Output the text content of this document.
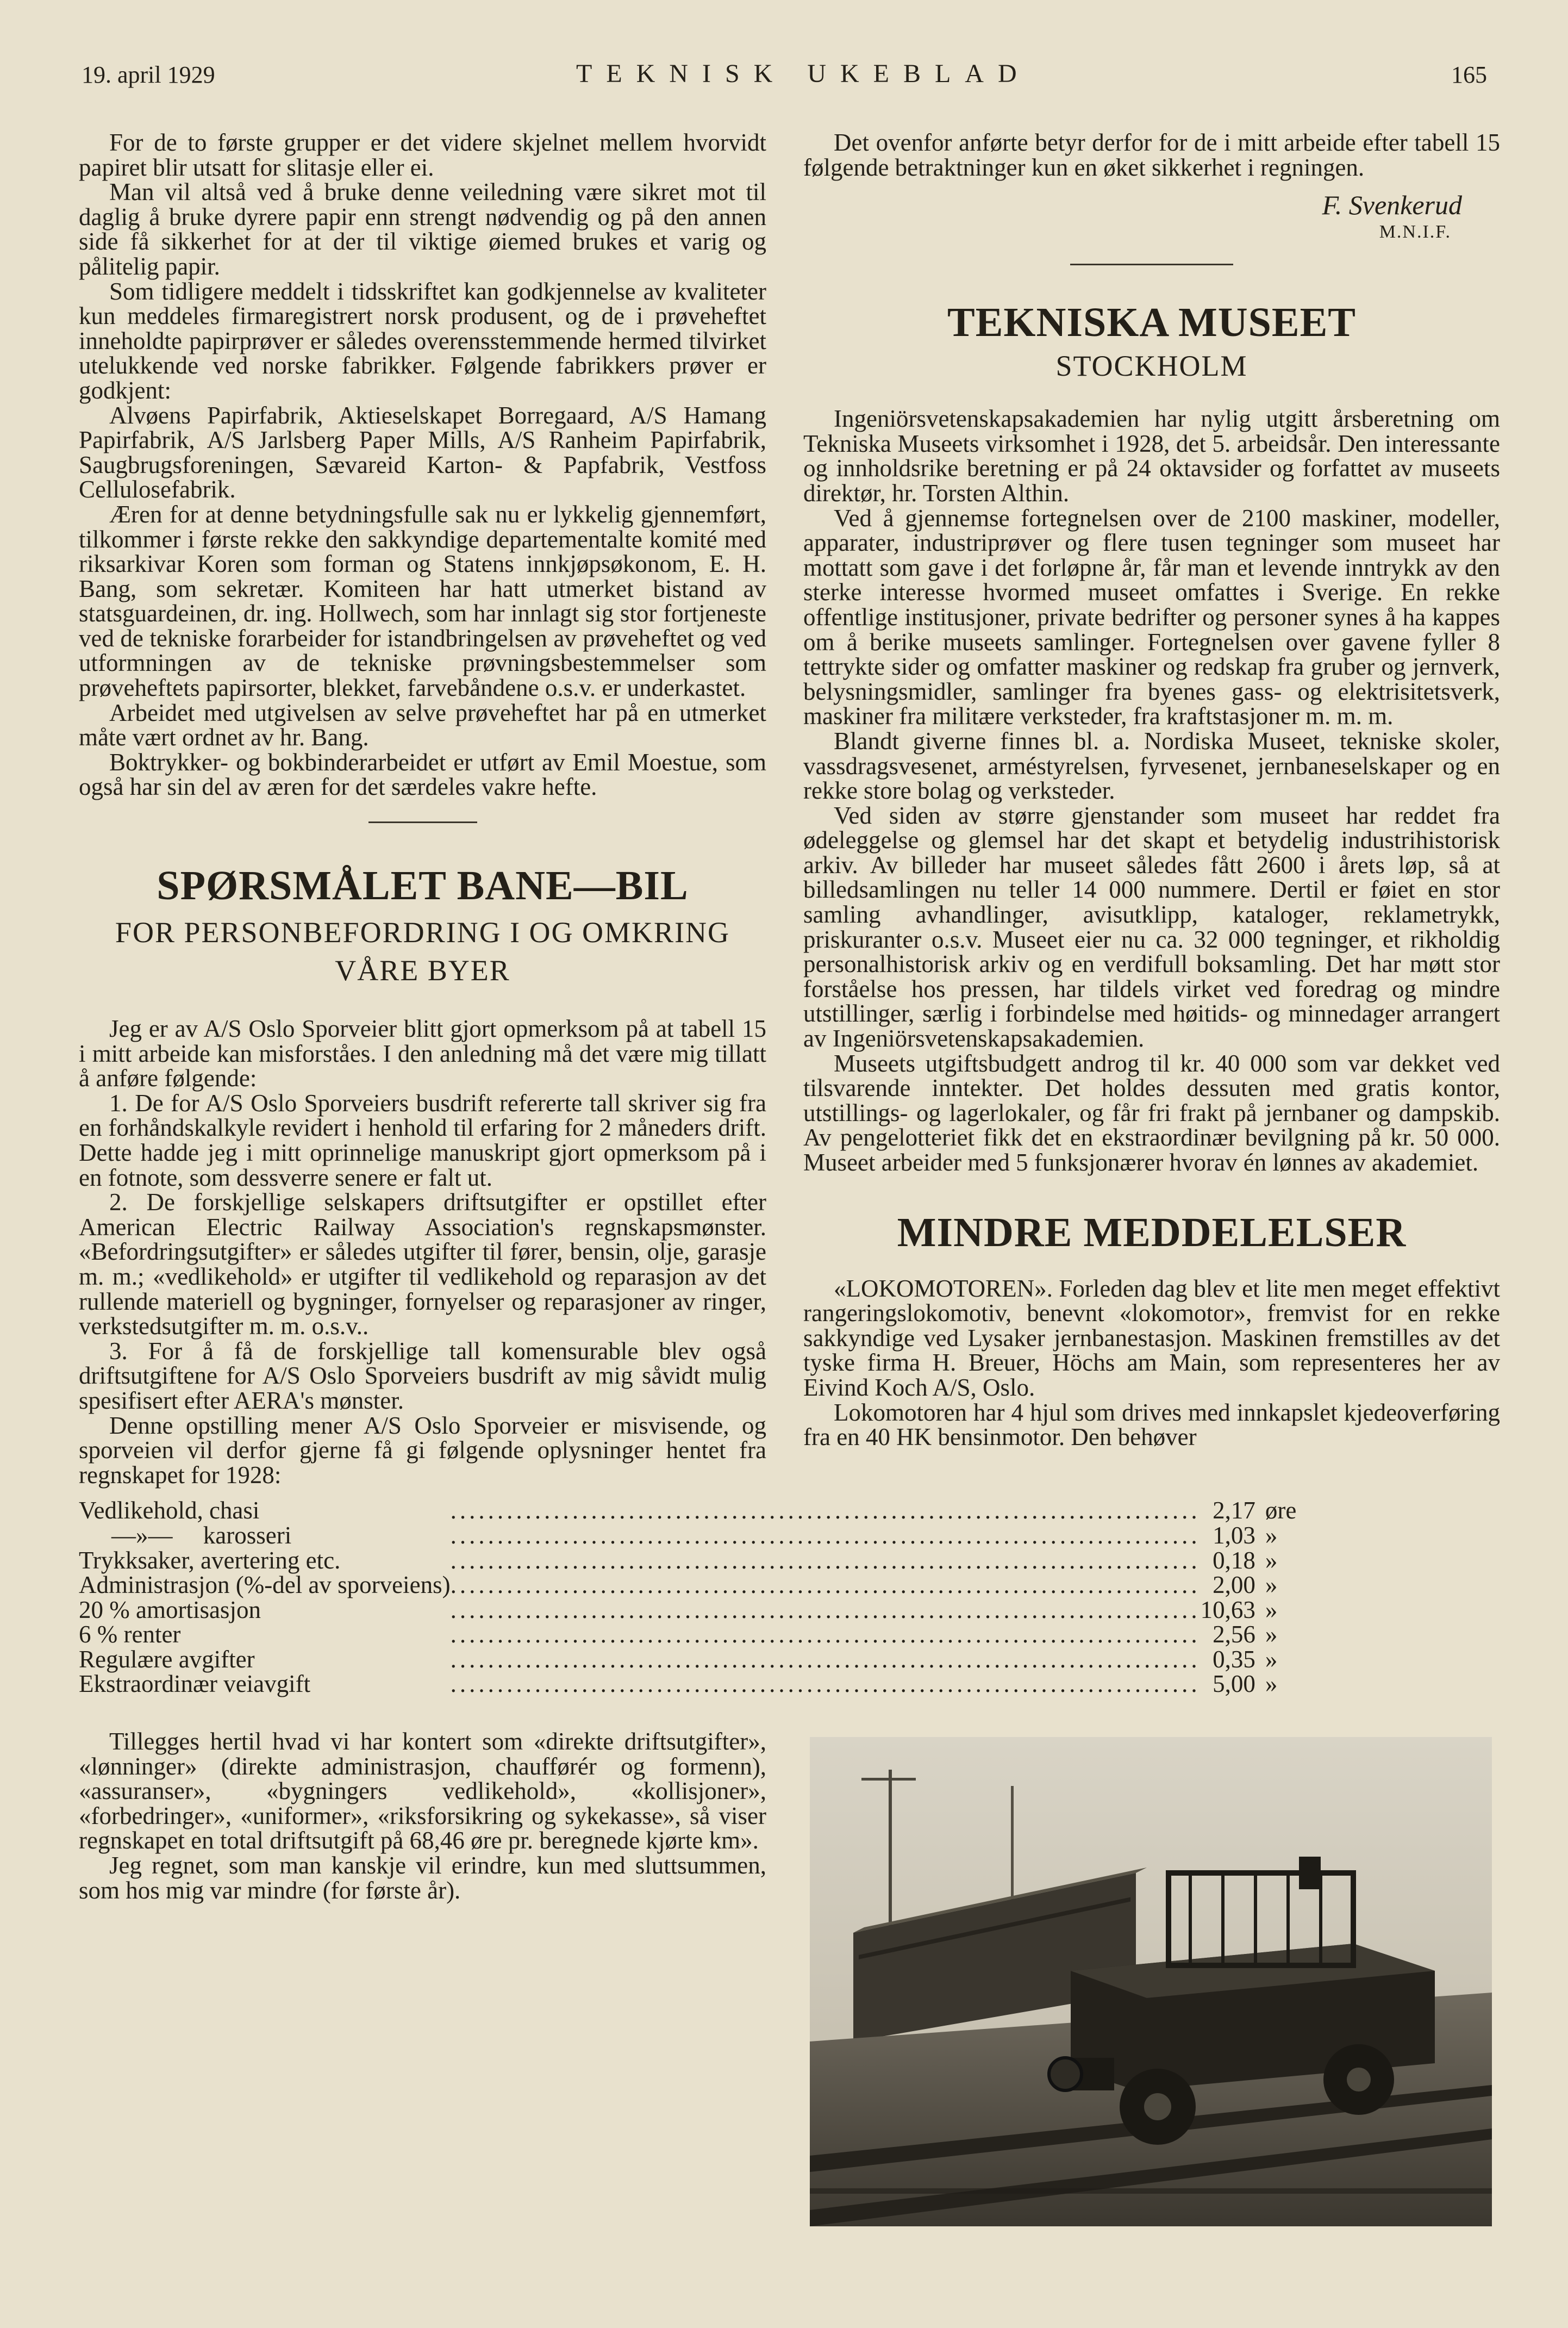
19. april 1929	TEKNISK UKEBLAD	165

For de to første grupper er det videre skjelnet mellem hvorvidt papiret blir utsatt for slitasje eller ei.

Man vil altså ved å bruke denne veiledning være sikret mot til daglig å bruke dyrere papir enn strengt nødvendig og på den annen side få sikkerhet for at der til viktige øiemed brukes et varig og pålitelig papir.

Som tidligere meddelt i tidsskriftet kan godkjennelse av kvaliteter kun meddeles firmaregistrert norsk produsent, og de i prøveheftet inneholdte papirprøver er således overensstemmende hermed tilvirket utelukkende ved norske fabrikker. Følgende fabrikkers prøver er godkjent:

Alvøens Papirfabrik, Aktieselskapet Borregaard, A/S Hamang Papirfabrik, A/S Jarlsberg Paper Mills, A/S Ranheim Papirfabrik, Saugbrugsforeningen, Sævareid Karton- & Papfabrik, Vestfoss Cellulosefabrik.

Æren for at denne betydningsfulle sak nu er lykkelig gjennemført, tilkommer i første rekke den sakkyndige departementalte komité med riksarkivar Koren som forman og Statens innkjøpsøkonom, E. H. Bang, som sekretær. Komiteen har hatt utmerket bistand av statsguardeinen, dr. ing. Hollwech, som har innlagt sig stor fortjeneste ved de tekniske forarbeider for istandbringelsen av prøveheftet og ved utformningen av de tekniske prøvningsbestemmelser som prøveheftets papirsorter, blekket, farvebåndene o.s.v. er underkastet.

Arbeidet med utgivelsen av selve prøveheftet har på en utmerket måte vært ordnet av hr. Bang.

Boktrykker- og bokbinderarbeidet er utført av Emil Moestue, som også har sin del av æren for det særdeles vakre hefte.

SPØRSMÅLET BANE—BIL
FOR PERSONBEFORDRING I OG OMKRING
VÅRE BYER

Jeg er av A/S Oslo Sporveier blitt gjort opmerksom på at tabell 15 i mitt arbeide kan misforståes. I den anledning må det være mig tillatt å anføre følgende:

1. De for A/S Oslo Sporveiers busdrift refererte tall skriver sig fra en forhåndskalkyle revidert i henhold til erfaring for 2 måneders drift. Dette hadde jeg i mitt oprinnelige manuskript gjort opmerksom på i en fotnote, som dessverre senere er falt ut.

2. De forskjellige selskapers driftsutgifter er opstillet efter American Electric Railway Association's regnskapsmønster. «Befordringsutgifter» er således utgifter til fører, bensin, olje, garasje m. m.; «vedlikehold» er utgifter til vedlikehold og reparasjon av det rullende materiell og bygninger, fornyelser og reparasjoner av ringer, verkstedsutgifter m. m. o.s.v..

3. For å få de forskjellige tall komensurable blev også driftsutgiftene for A/S Oslo Sporveiers busdrift av mig såvidt mulig spesifisert efter AERA's mønster.

Denne opstilling mener A/S Oslo Sporveier er misvisende, og sporveien vil derfor gjerne få gi følgende oplysninger hentet fra regnskapet for 1928:

Vedlikehold, chasi	................................................................................	2,17	øre
—»—     karosseri	................................................................................	1,03	»
Trykksaker, avertering etc.	................................................................................	0,18	»
Administrasjon (%-del av sporveiens)	................................................................................	2,00	»
20 % amortisasjon	................................................................................	10,63	»
6 % renter	................................................................................	2,56	»
Regulære avgifter	................................................................................	0,35	»
Ekstraordinær veiavgift	................................................................................	5,00	»

Tillegges hertil hvad vi har kontert som «direkte driftsutgifter», «lønninger» (direkte administrasjon, chaufførér og formenn), «assuranser», «bygningers vedlikehold», «kollisjoner», «forbedringer», «uniformer», «riksforsikring og sykekasse», så viser regnskapet en total driftsutgift på 68,46 øre pr. beregnede kjørte km».

Jeg regnet, som man kanskje vil erindre, kun med sluttsummen, som hos mig var mindre (for første år).

Det ovenfor anførte betyr derfor for de i mitt arbeide efter tabell 15 følgende betraktninger kun en øket sikkerhet i regningen.

F. Svenkerud
M.N.I.F.
TEKNISKA MUSEET
STOCKHOLM

Ingeniörsvetenskapsakademien har nylig utgitt årsberetning om Tekniska Museets virksomhet i 1928, det 5. arbeidsår. Den interessante og innholdsrike beretning er på 24 oktavsider og forfattet av museets direktør, hr. Torsten Althin.

Ved å gjennemse fortegnelsen over de 2100 maskiner, modeller, apparater, industriprøver og flere tusen tegninger som museet har mottatt som gave i det forløpne år, får man et levende inntrykk av den sterke interesse hvormed museet omfattes i Sverige. En rekke offentlige institusjoner, private bedrifter og personer synes å ha kappes om å berike museets samlinger. Fortegnelsen over gavene fyller 8 tettrykte sider og omfatter maskiner og redskap fra gruber og jernverk, belysningsmidler, samlinger fra byenes gass- og elektrisitetsverk, maskiner fra militære verksteder, fra kraftstasjoner m. m. m.

Blandt giverne finnes bl. a. Nordiska Museet, tekniske skoler, vassdragsvesenet, arméstyrelsen, fyrvesenet, jernbaneselskaper og en rekke store bolag og verksteder.

Ved siden av større gjenstander som museet har reddet fra ødeleggelse og glemsel har det skapt et betydelig industrihistorisk arkiv. Av billeder har museet således fått 2600 i årets løp, så at billedsamlingen nu teller 14 000 nummere. Dertil er føiet en stor samling avhandlinger, avisutklipp, kataloger, reklametrykk, priskuranter o.s.v. Museet eier nu ca. 32 000 tegninger, et rikholdig personalhistorisk arkiv og en verdifull boksamling. Det har møtt stor forståelse hos pressen, har tildels virket ved foredrag og mindre utstillinger, særlig i forbindelse med høitids- og minnedager arrangert av Ingeniörsvetenskapsakademien.

Museets utgiftsbudgett androg til kr. 40 000 som var dekket ved tilsvarende inntekter. Det holdes dessuten med gratis kontor, utstillings- og lagerlokaler, og får fri frakt på jernbaner og dampskib. Av pengelotteriet fikk det en ekstraordinær bevilgning på kr. 50 000. Museet arbeider med 5 funksjonærer hvorav én lønnes av akademiet.

MINDRE MEDDELELSER

«LOKOMOTOREN». Forleden dag blev et lite men meget effektivt rangeringslokomotiv, benevnt «lokomotor», fremvist for en rekke sakkyndige ved Lysaker jernbanestasjon. Maskinen fremstilles av det tyske firma H. Breuer, Höchs am Main, som representeres her av Eivind Koch A/S, Oslo.

Lokomotoren har 4 hjul som drives med innkapslet kjedeoverføring fra en 40 HK bensinmotor. Den behøver
